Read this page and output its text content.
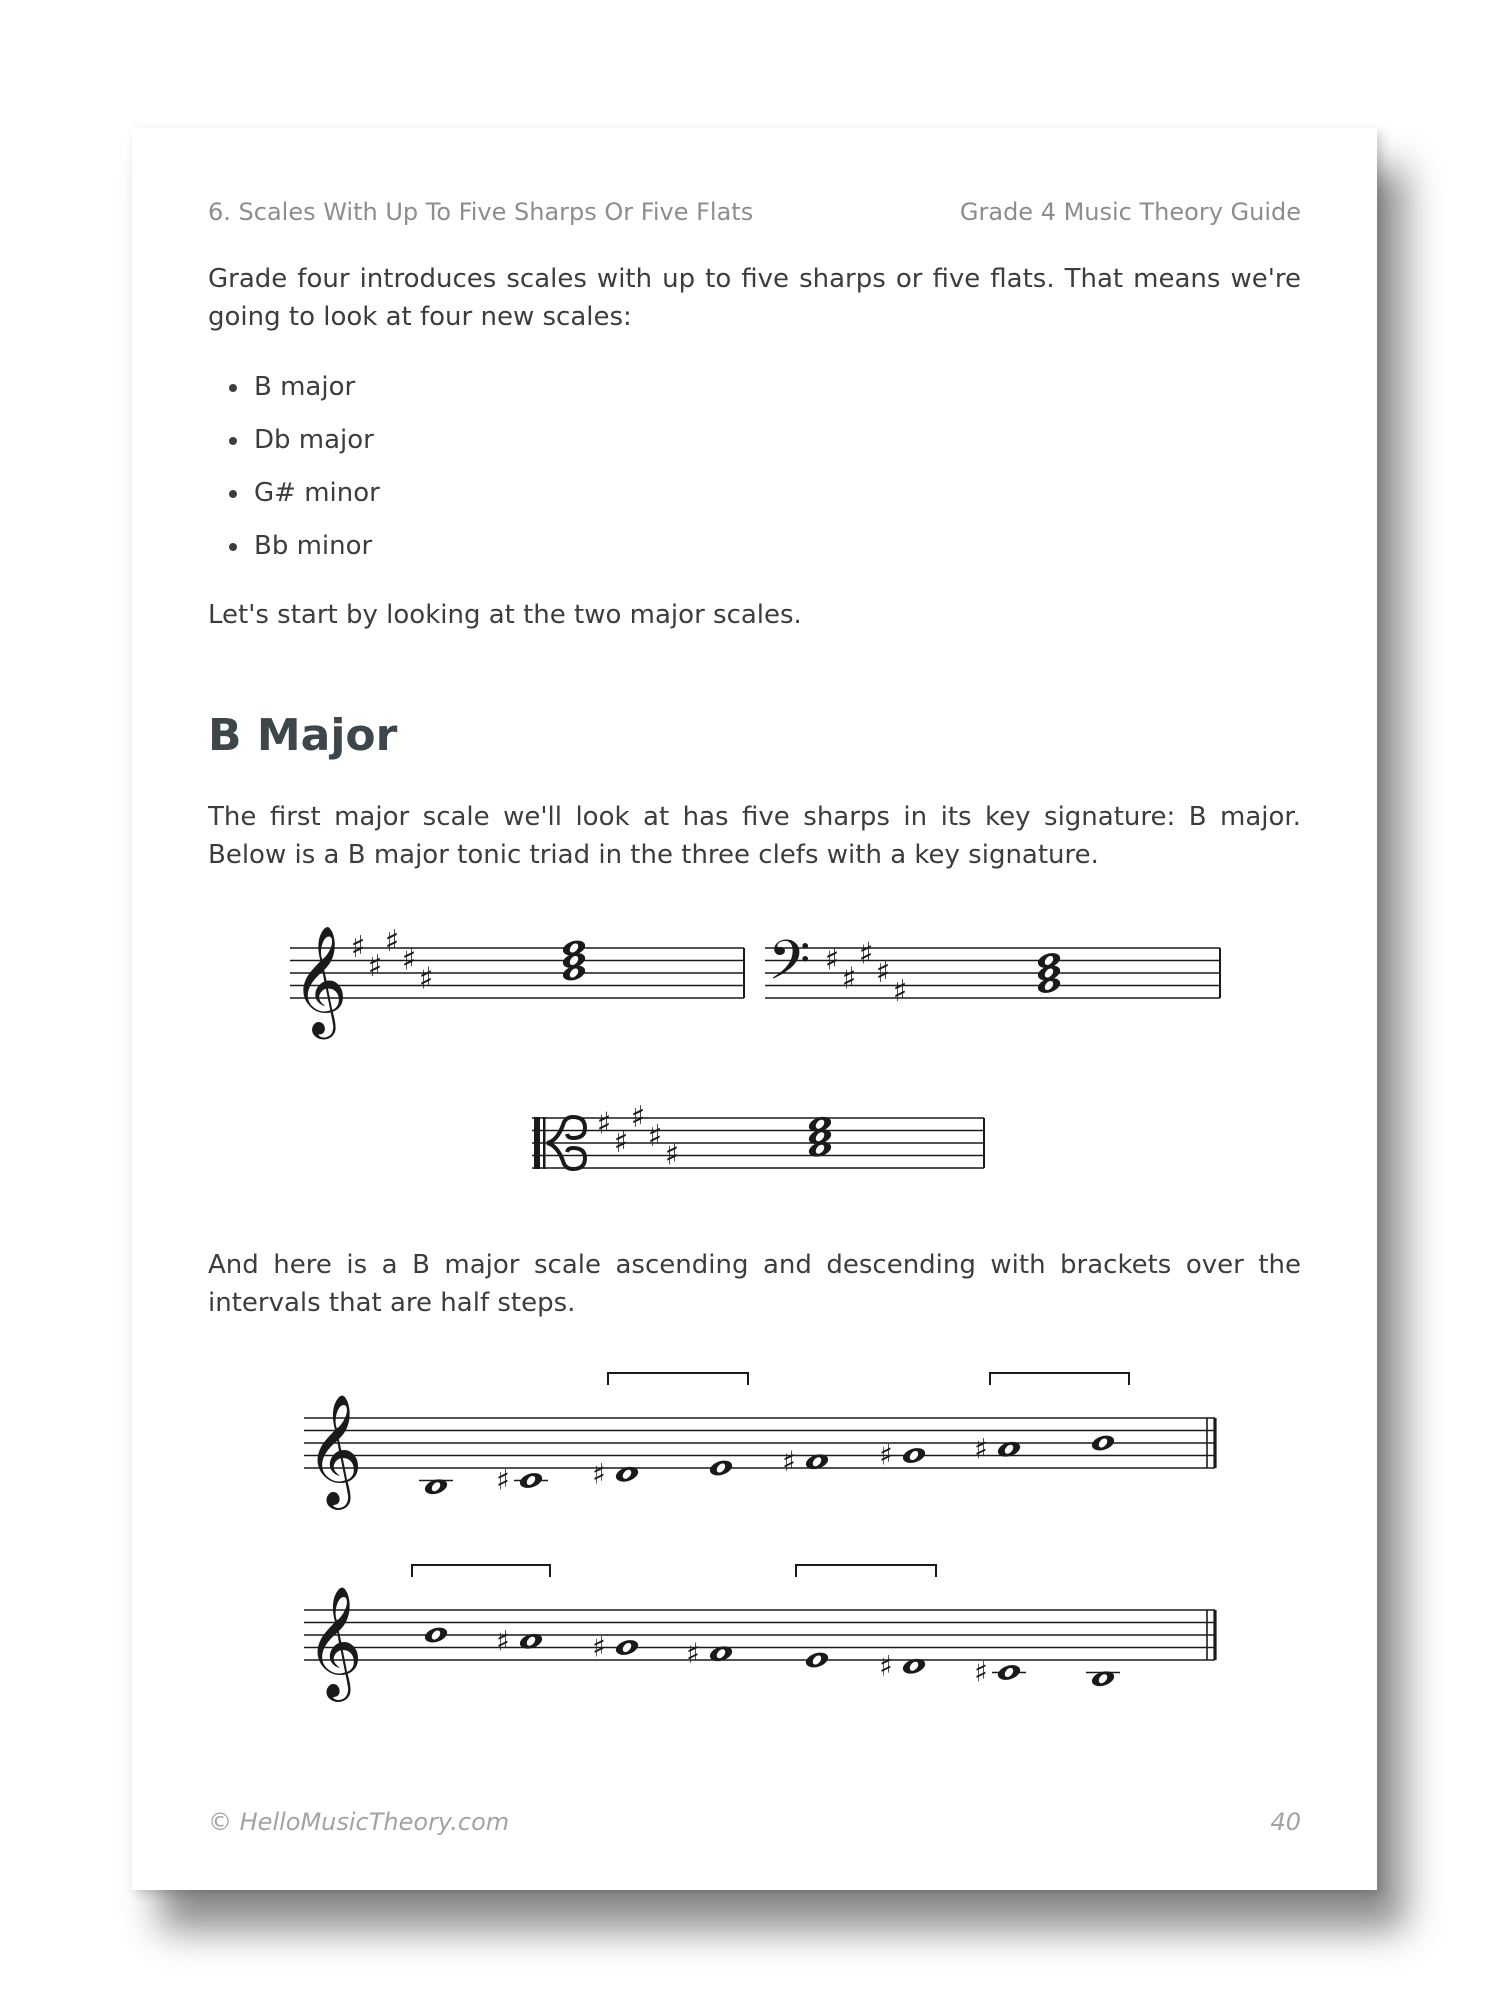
6. Scales With Up To Five Sharps Or Five Flats	Grade 4 Music Theory Guide

Grade four introduces scales with up to five sharps or five flats. That means we're going to look at four new scales:

B major
Db major
G# minor
Bb minor

Let's start by looking at the two major scales.

B Major

The first major scale we'll look at has five sharps in its key signature: B major. Below is a B major tonic triad in the three clefs with a key signature.

𝄞 ♯
♯
♯
♯
♯	𝄢 ♯
♯
♯
♯
♯
♯
♯
♯
♯
♯
𝄞	♯	♯	♯	♯	♯
𝄞	♯	♯	♯	♯	♯

And here is a B major scale ascending and descending with brackets over the intervals that are half steps.

© HelloMusicTheory.com	40
